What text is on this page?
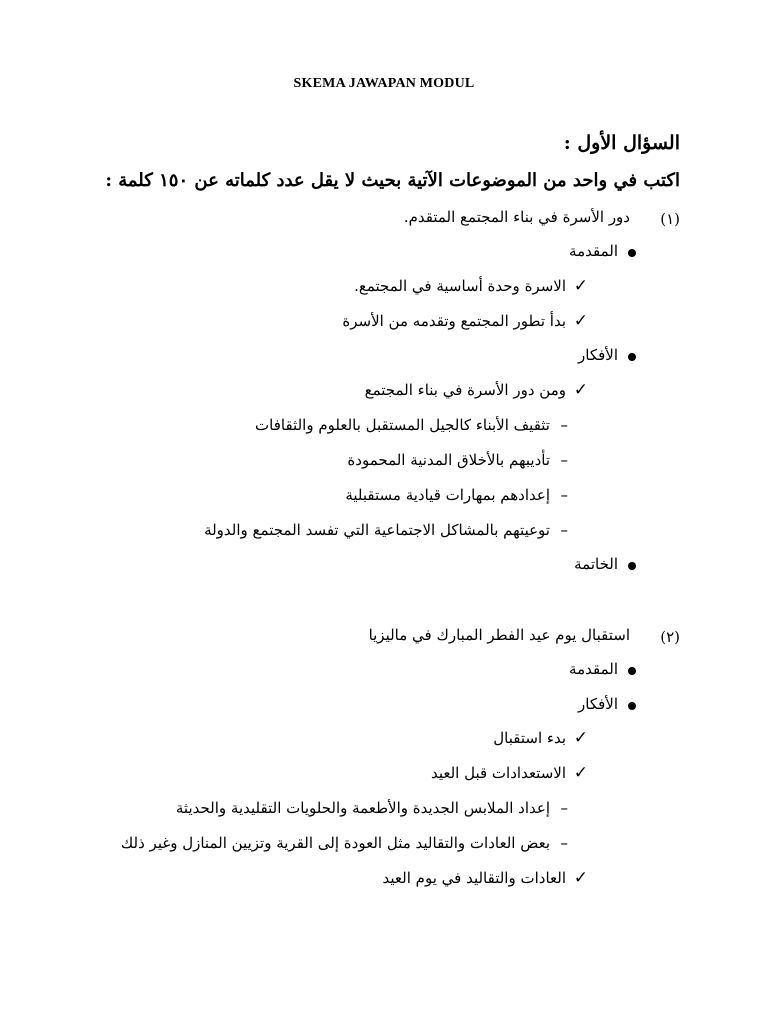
SKEMA JAWAPAN MODUL
السؤال الأول :
اكتب في واحد من الموضوعات الآتية بحيث لا يقل عدد كلماته عن ١٥٠ كلمة :
(١)
دور الأسرة في بناء المجتمع المتقدم.
المقدمة
✓
الاسرة وحدة أساسية في المجتمع.
✓
بدأ تطور المجتمع وتقدمه من الأسرة
الأفكار
✓
ومن دور الأسرة في بناء المجتمع
–
تثقيف الأبناء كالجيل المستقبل بالعلوم والثقافات
–
تأديبهم بالأخلاق المدنية المحمودة
–
إعدادهم بمهارات قيادية مستقبلية
–
توعيتهم بالمشاكل الاجتماعية التي تفسد المجتمع والدولة
الخاتمة
(٢)
استقبال يوم عيد الفطر المبارك في ماليزيا
المقدمة
الأفكار
✓
بدء استقبال
✓
الاستعدادات قبل العيد
–
إعداد الملابس الجديدة والأطعمة والحلويات التقليدية والحديثة
–
بعض العادات والتقاليد مثل العودة إلى القرية وتزيين المنازل وغير ذلك
✓
العادات والتقاليد في يوم العيد
